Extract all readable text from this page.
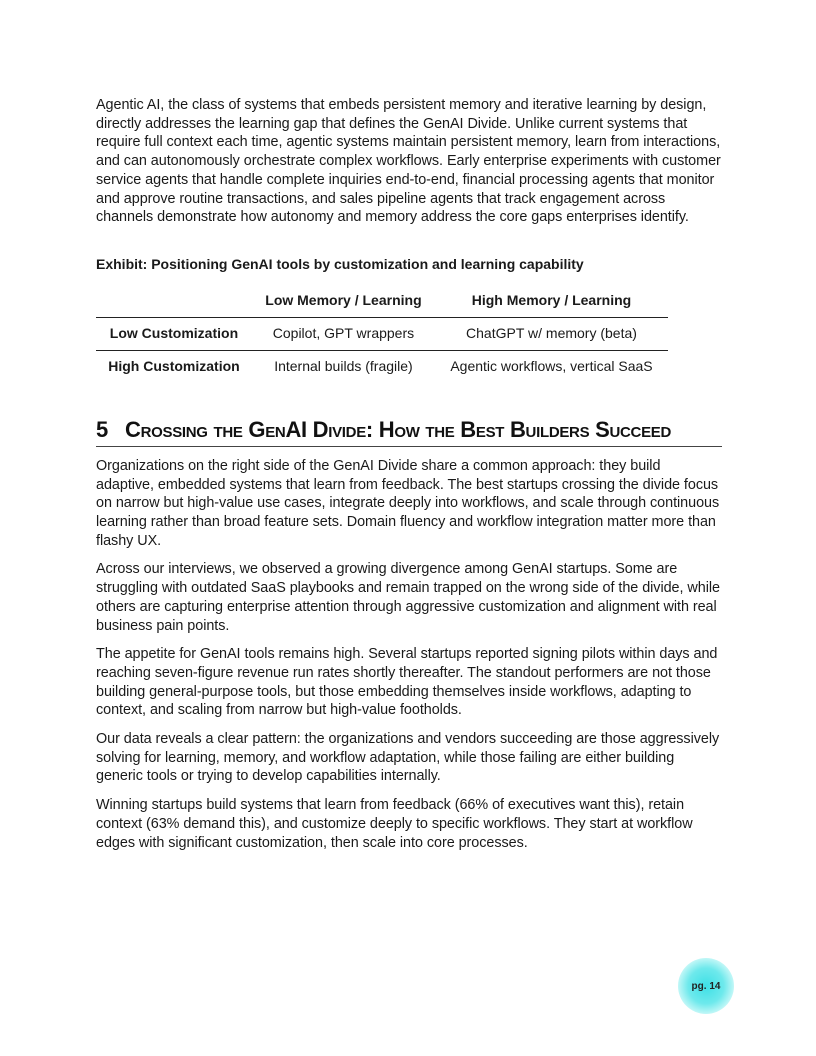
Agentic AI, the class of systems that embeds persistent memory and iterative learning by design, directly addresses the learning gap that defines the GenAI Divide. Unlike current systems that require full context each time, agentic systems maintain persistent memory, learn from interactions, and can autonomously orchestrate complex workflows. Early enterprise experiments with customer service agents that handle complete inquiries end-to-end, financial processing agents that monitor and approve routine transactions, and sales pipeline agents that track engagement across channels demonstrate how autonomy and memory address the core gaps enterprises identify.

Exhibit: Positioning GenAI tools by customization and learning capability
	Low Memory / Learning	High Memory / Learning
Low Customization	Copilot, GPT wrappers	ChatGPT w/ memory (beta)
High Customization	Internal builds (fragile)	Agentic workflows, vertical SaaS
5 Crossing the GenAI Divide: How the Best Builders Succeed

Organizations on the right side of the GenAI Divide share a common approach: they build adaptive, embedded systems that learn from feedback. The best startups crossing the divide focus on narrow but high-value use cases, integrate deeply into workflows, and scale through continuous learning rather than broad feature sets. Domain fluency and workflow integration matter more than flashy UX.

Across our interviews, we observed a growing divergence among GenAI startups. Some are struggling with outdated SaaS playbooks and remain trapped on the wrong side of the divide, while others are capturing enterprise attention through aggressive customization and alignment with real business pain points.

The appetite for GenAI tools remains high. Several startups reported signing pilots within days and reaching seven-figure revenue run rates shortly thereafter. The standout performers are not those building general-purpose tools, but those embedding themselves inside workflows, adapting to context, and scaling from narrow but high-value footholds.

Our data reveals a clear pattern: the organizations and vendors succeeding are those aggressively solving for learning, memory, and workflow adaptation, while those failing are either building generic tools or trying to develop capabilities internally.

Winning startups build systems that learn from feedback (66% of executives want this), retain context (63% demand this), and customize deeply to specific workflows. They start at workflow edges with significant customization, then scale into core processes.

pg. 14
